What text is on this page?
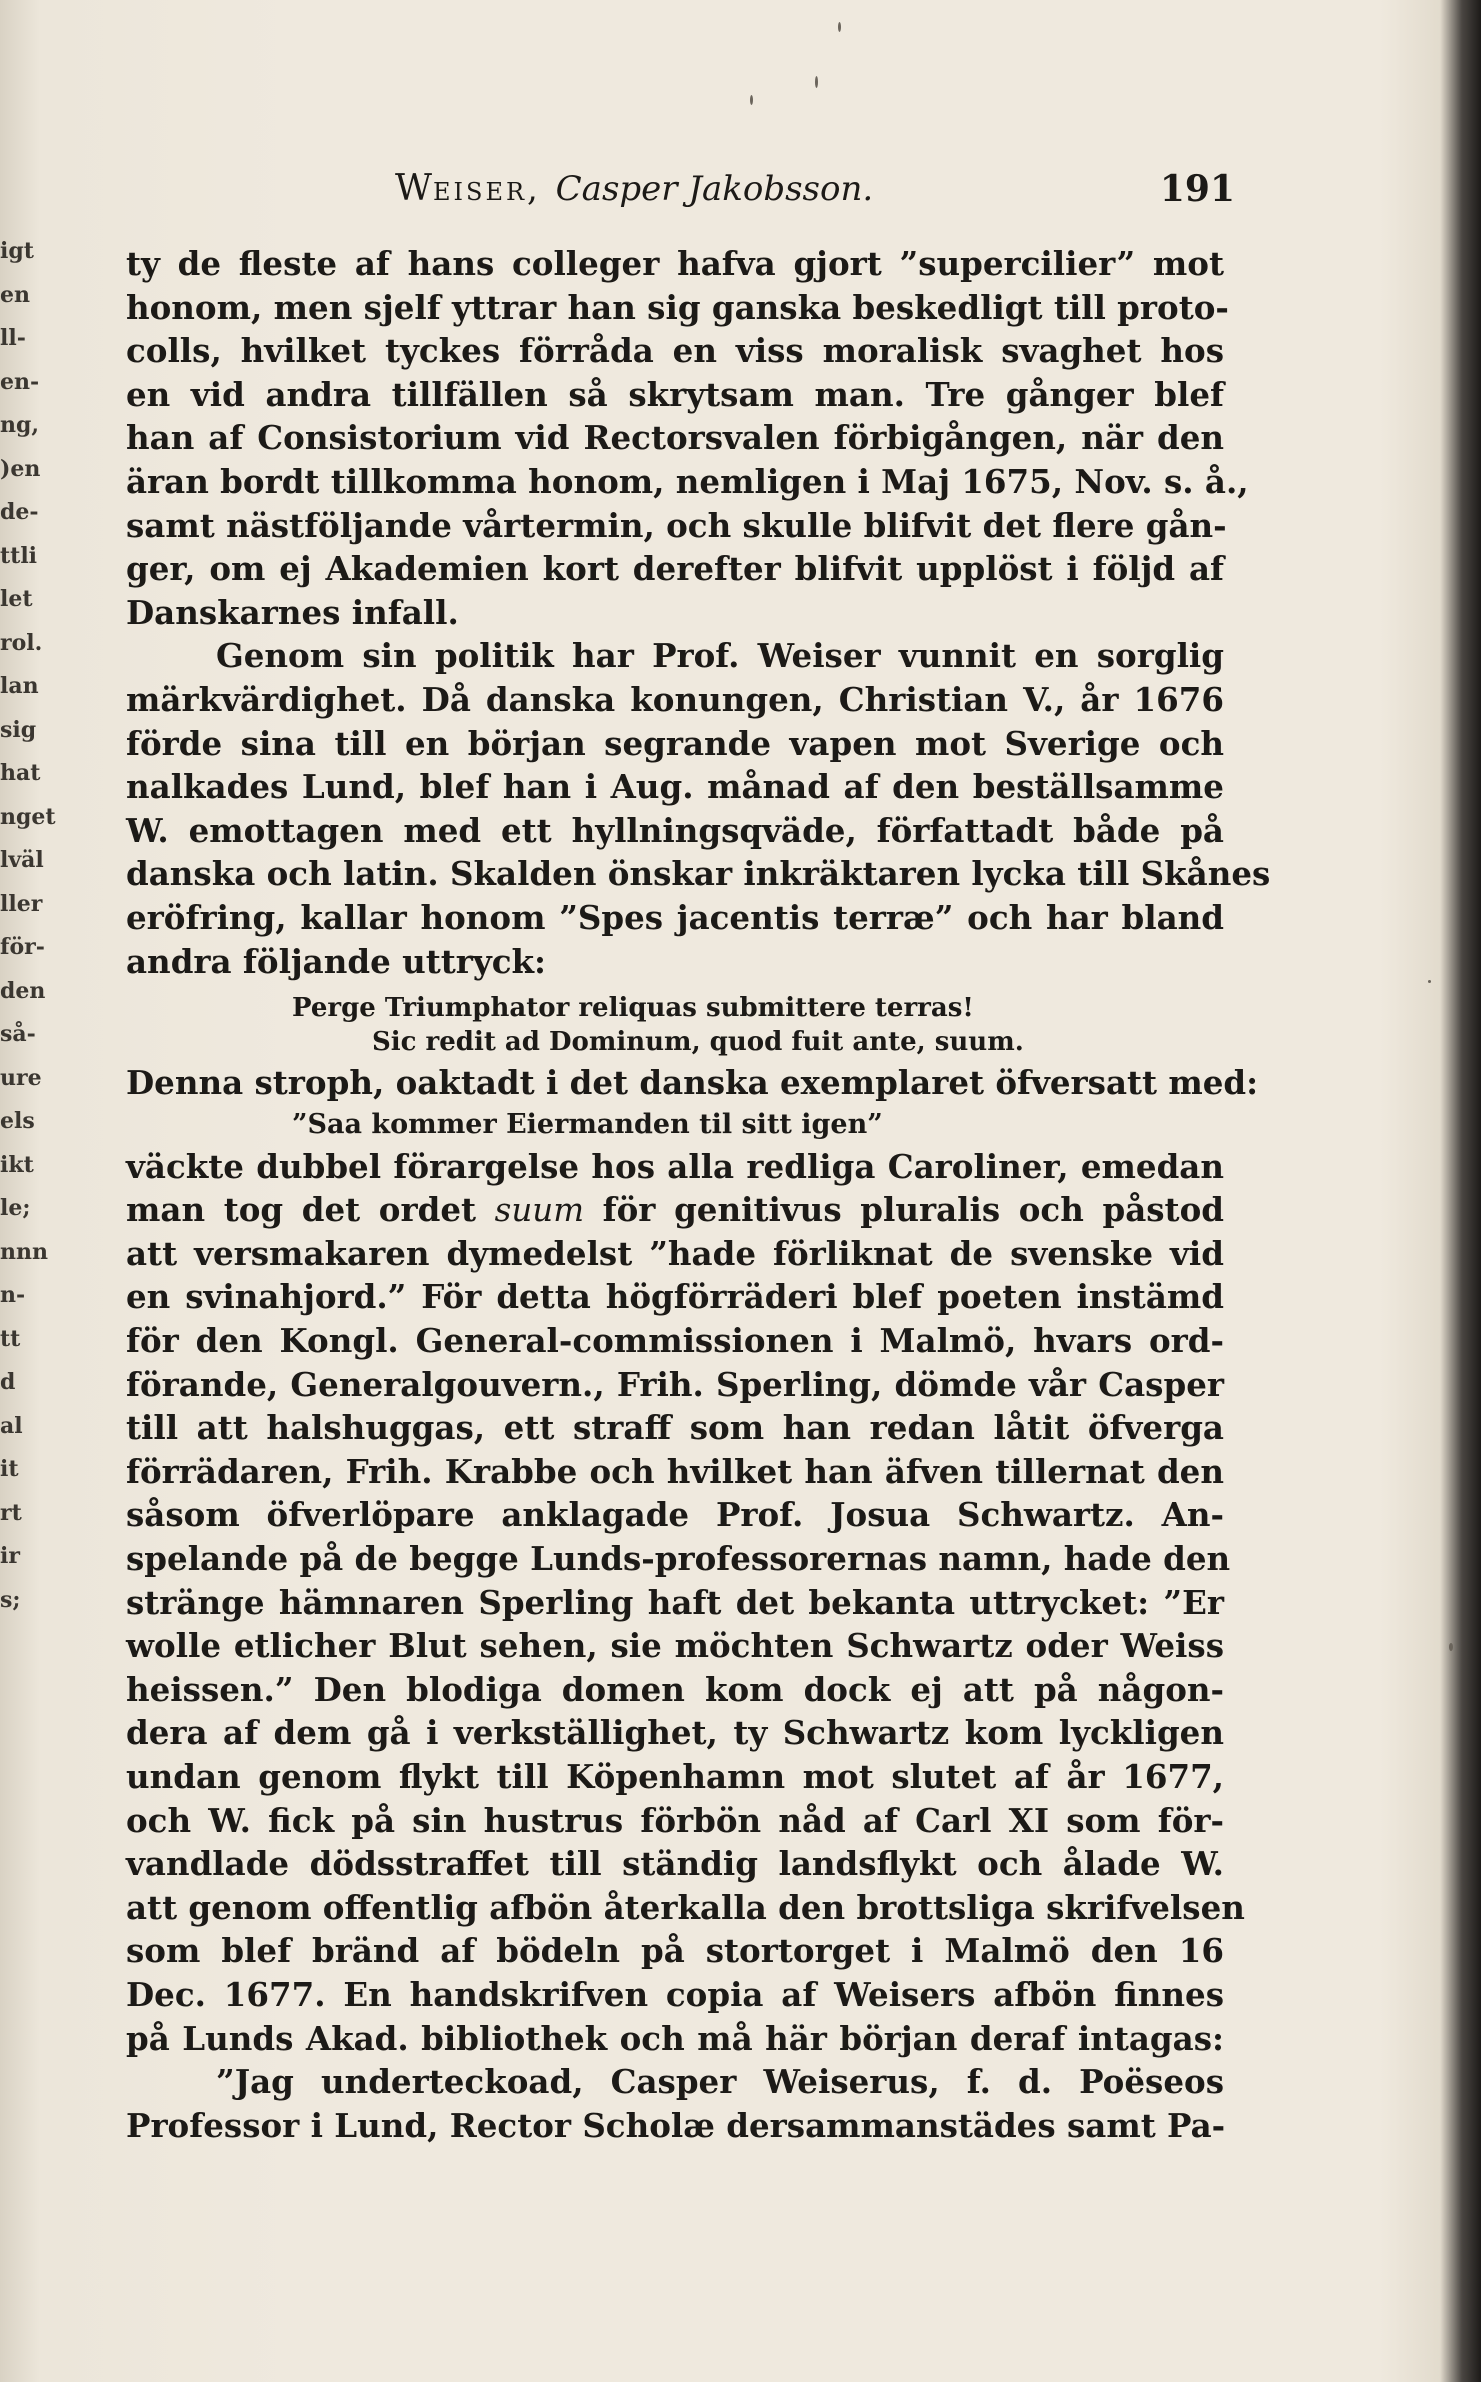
igt
en
ll-
en-
ng,
)en
de-
ttli
let
rol.
lan
sig
hat
nget
lväl
ller
för-
den
så-
ure
els
ikt
le;
nnn
n-
tt
d
al
it
rt
ir
s;
WEISER, Casper Jakobsson.	191
ty de fleste af hans colleger hafva gjort ”supercilier” mot
honom, men sjelf yttrar han sig ganska beskedligt till proto-
colls, hvilket tyckes förråda en viss moralisk svaghet hos
en vid andra tillfällen så skrytsam man. Tre gånger blef
han af Consistorium vid Rectorsvalen förbigången, när den
äran bordt tillkomma honom, nemligen i Maj 1675, Nov. s. å.,
samt nästföljande vårtermin, och skulle blifvit det flere gån-
ger, om ej Akademien kort derefter blifvit upplöst i följd af
Danskarnes infall.
Genom sin politik har Prof. Weiser vunnit en sorglig
märkvärdighet. Då danska konungen, Christian V., år 1676
förde sina till en början segrande vapen mot Sverige och
nalkades Lund, blef han i Aug. månad af den beställsamme
W. emottagen med ett hyllningsqväde, författadt både på
danska och latin. Skalden önskar inkräktaren lycka till Skånes
eröfring, kallar honom ”Spes jacentis terræ” och har bland
andra följande uttryck:
Perge Triumphator reliquas submittere terras!
Sic redit ad Dominum, quod fuit ante, suum.
Denna stroph, oaktadt i det danska exemplaret öfversatt med:
”Saa kommer Eiermanden til sitt igen”
väckte dubbel förargelse hos alla redliga Caroliner, emedan
man tog det ordet suum för genitivus pluralis och påstod
att versmakaren dymedelst ”hade förliknat de svenske vid
en svinahjord.” För detta högförräderi blef poeten instämd
för den Kongl. General-commissionen i Malmö, hvars ord-
förande, Generalgouvern., Frih. Sperling, dömde vår Casper
till att halshuggas, ett straff som han redan låtit öfverga
förrädaren, Frih. Krabbe och hvilket han äfven tillernat den
såsom öfverlöpare anklagade Prof. Josua Schwartz. An-
spelande på de begge Lunds-professorernas namn, hade den
stränge hämnaren Sperling haft det bekanta uttrycket: ”Er
wolle etlicher Blut sehen, sie möchten Schwartz oder Weiss
heissen.” Den blodiga domen kom dock ej att på någon-
dera af dem gå i verkställighet, ty Schwartz kom lyckligen
undan genom flykt till Köpenhamn mot slutet af år 1677,
och W. fick på sin hustrus förbön nåd af Carl XI som för-
vandlade dödsstraffet till ständig landsflykt och ålade W.
att genom offentlig afbön återkalla den brottsliga skrifvelsen
som blef bränd af bödeln på stortorget i Malmö den 16
Dec. 1677. En handskrifven copia af Weisers afbön finnes
på Lunds Akad. bibliothek och må här början deraf intagas:
”Jag underteckoad, Casper Weiserus, f. d. Poëseos
Professor i Lund, Rector Scholæ dersammanstädes samt Pa-
